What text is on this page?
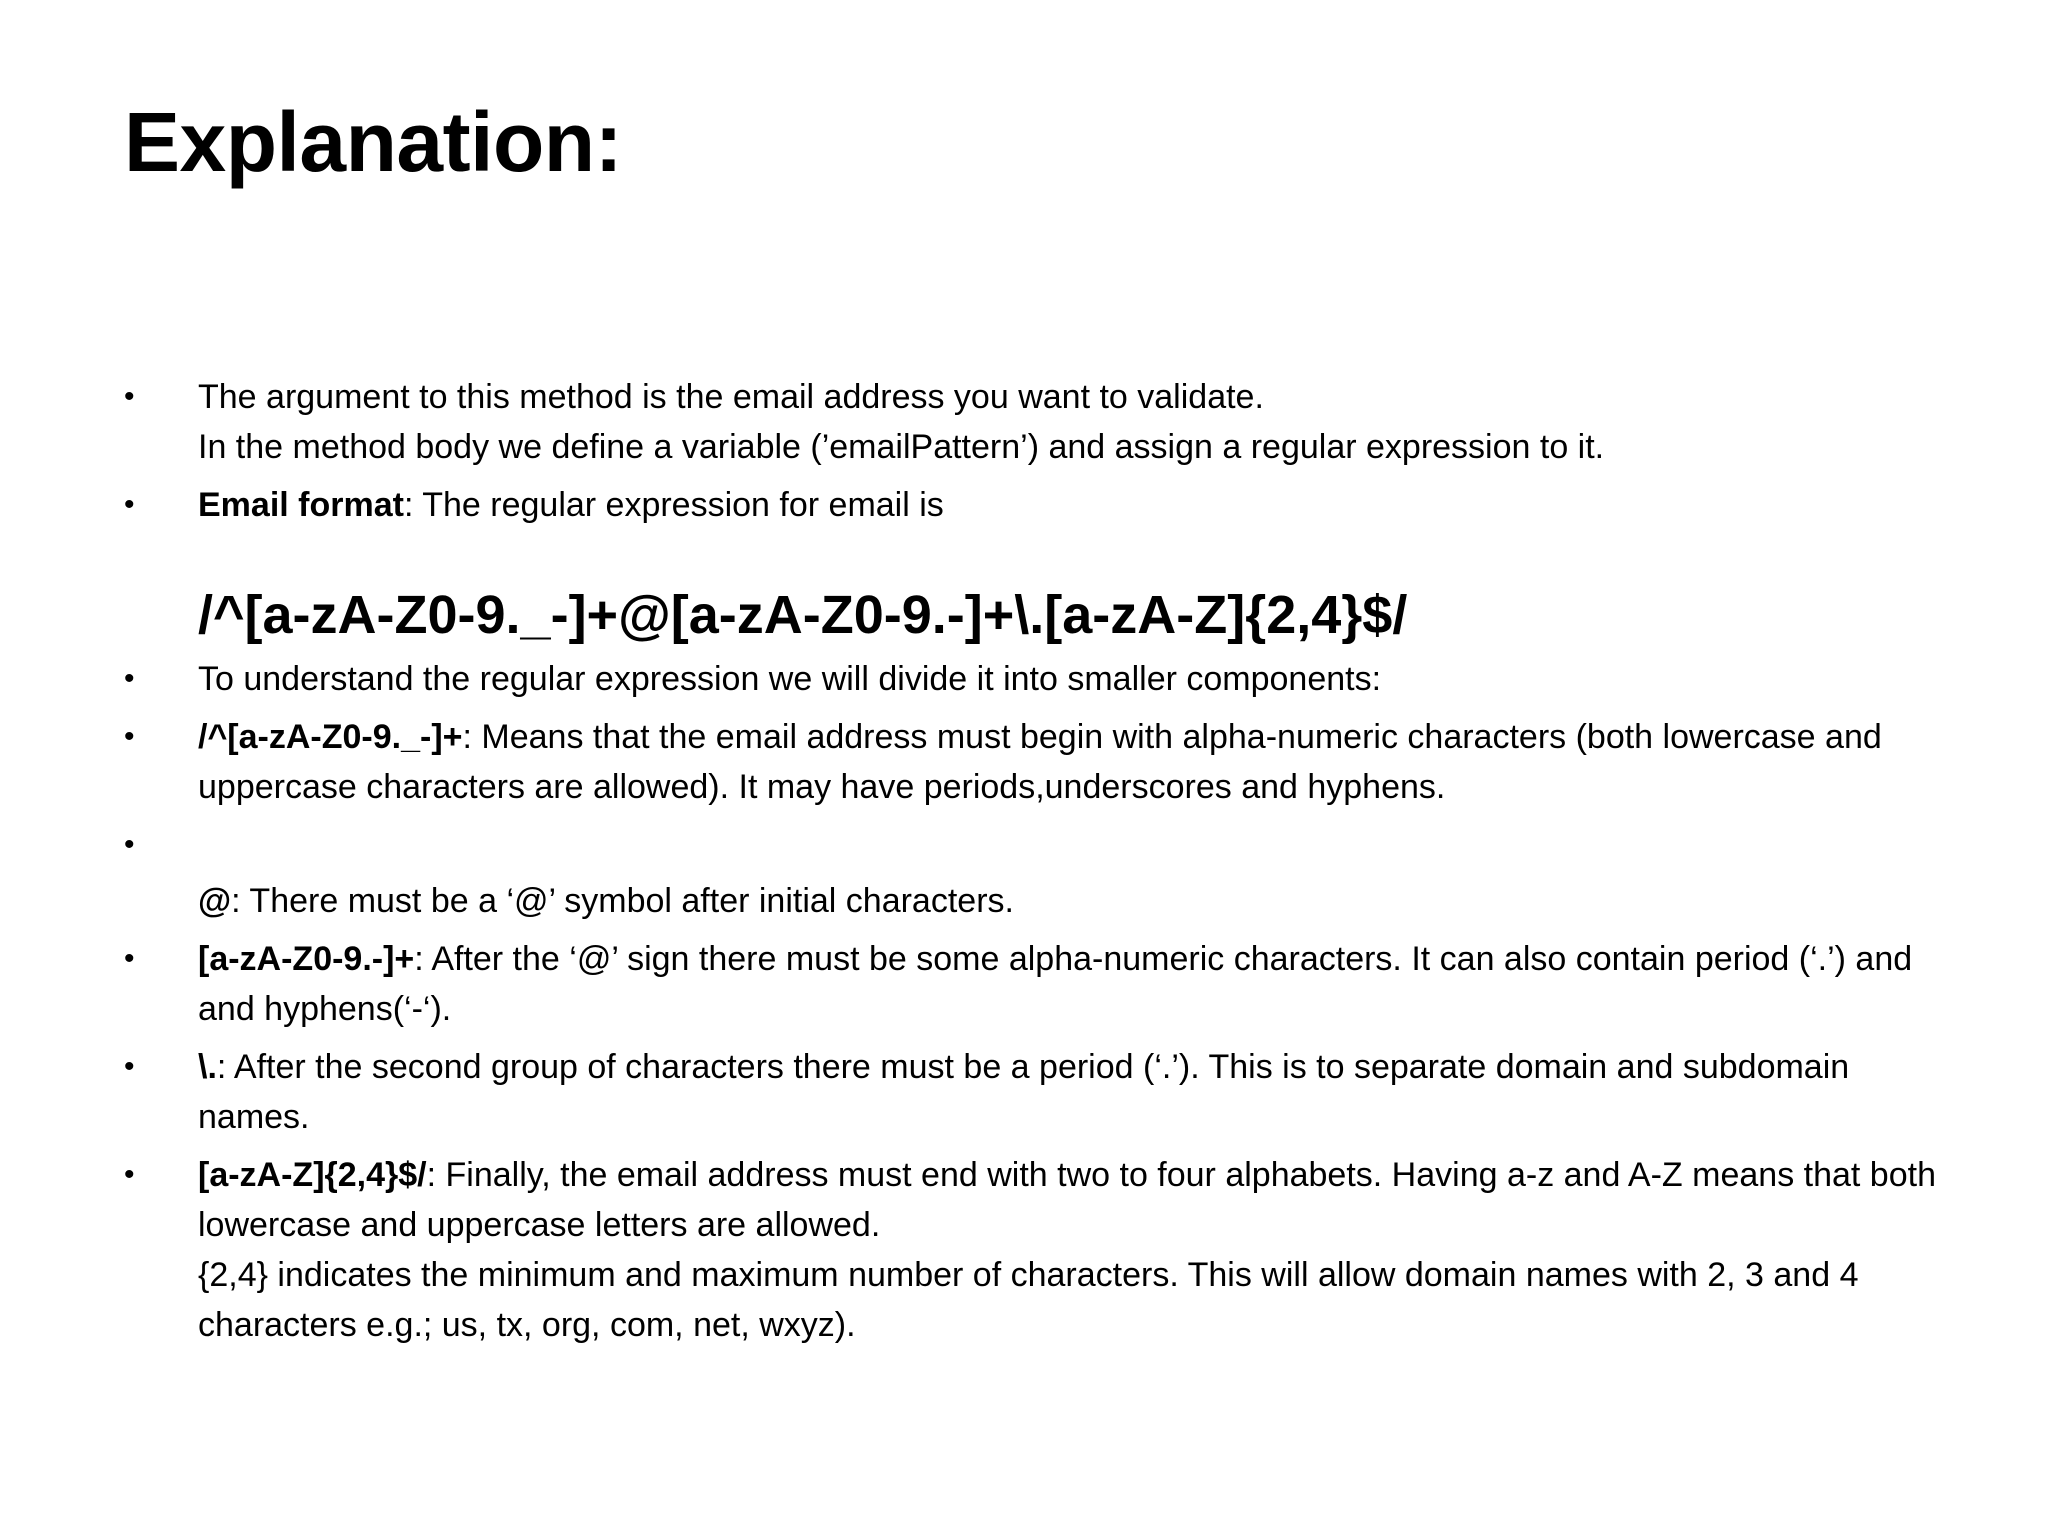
Explanation:
•	The argument to this method is the email address you want to validate.
In the method body we define a variable (’emailPattern’) and assign a regular expression to it.
•	Email format: The regular expression for email is
/^[a-zA-Z0-9._-]+@[a-zA-Z0-9.-]+\.[a-zA-Z]{2,4}$/
•	To understand the regular expression we will divide it into smaller components:
•	/^[a-zA-Z0-9._-]+: Means that the email address must begin with alpha-numeric characters (both lowercase and uppercase characters are allowed). It may have periods,underscores and hyphens.
•
@: There must be a ‘@’ symbol after initial characters.
•	[a-zA-Z0-9.-]+: After the ‘@’ sign there must be some alpha-numeric characters. It can also contain period (‘.’) and and hyphens(‘-‘).
•	\.: After the second group of characters there must be a period (‘.’). This is to separate domain and subdomain names.
•	[a-zA-Z]{2,4}$/: Finally, the email address must end with two to four alphabets. Having a-z and A-Z means that both lowercase and uppercase letters are allowed.
{2,4} indicates the minimum and maximum number of characters. This will allow domain names with 2, 3 and 4 characters e.g.; us, tx, org, com, net, wxyz).
